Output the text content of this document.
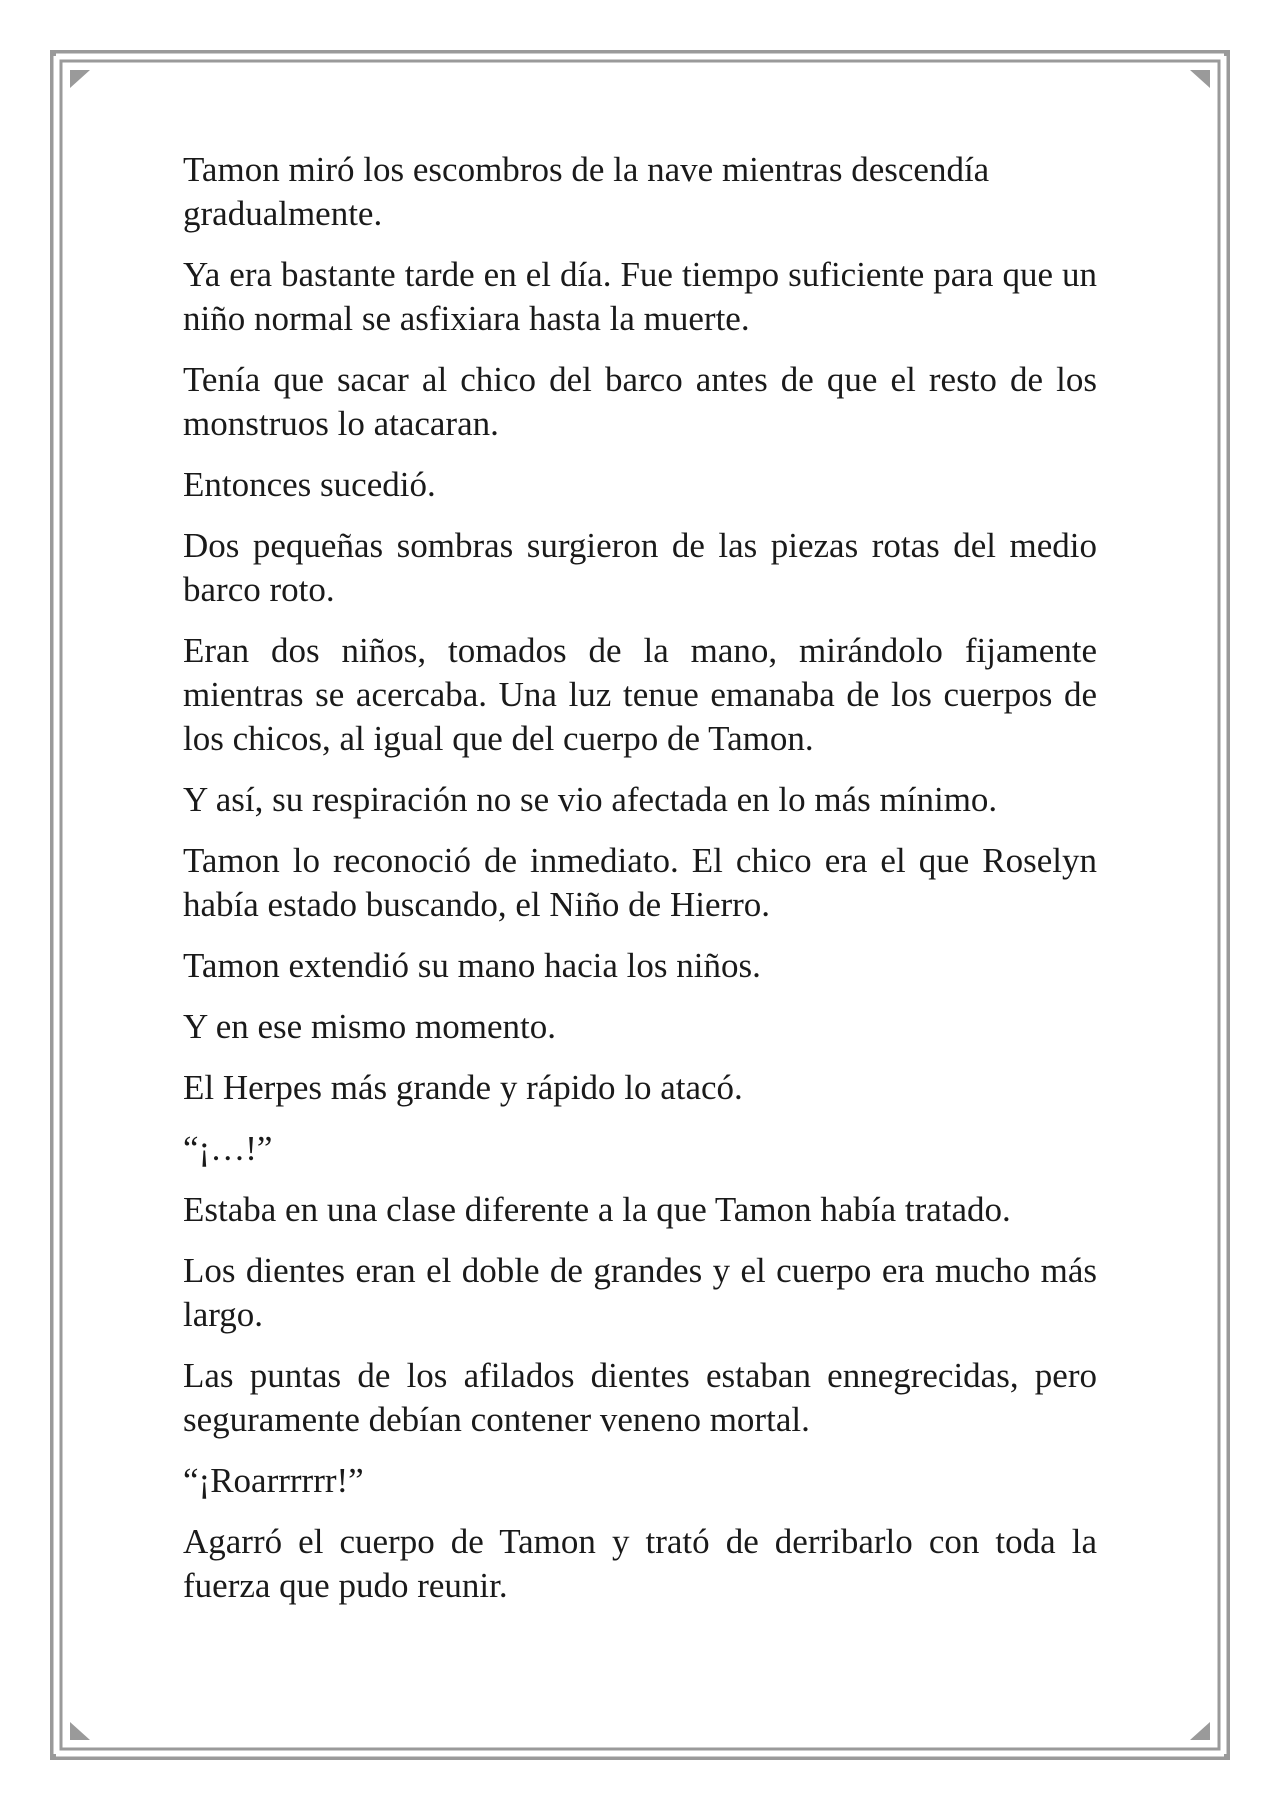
Tamon miró los escombros de la nave mientras descendía gradualmente.

Ya era bastante tarde en el día. Fue tiempo suficiente para que un niño normal se asfixiara hasta la muerte.

Tenía que sacar al chico del barco antes de que el resto de los monstruos lo atacaran.

Entonces sucedió.

Dos pequeñas sombras surgieron de las piezas rotas del medio barco roto.

Eran dos niños, tomados de la mano, mirándolo fijamente mientras se acercaba. Una luz tenue emanaba de los cuerpos de los chicos, al igual que del cuerpo de Tamon.

Y así, su respiración no se vio afectada en lo más mínimo.

Tamon lo reconoció de inmediato. El chico era el que Roselyn había estado buscando, el Niño de Hierro.

Tamon extendió su mano hacia los niños.

Y en ese mismo momento.

El Herpes más grande y rápido lo atacó.

“¡…!”

Estaba en una clase diferente a la que Tamon había tratado.

Los dientes eran el doble de grandes y el cuerpo era mucho más largo.

Las puntas de los afilados dientes estaban ennegrecidas, pero seguramente debían contener veneno mortal.

“¡Roarrrrrr!”

Agarró el cuerpo de Tamon y trató de derribarlo con toda la fuerza que pudo reunir.
